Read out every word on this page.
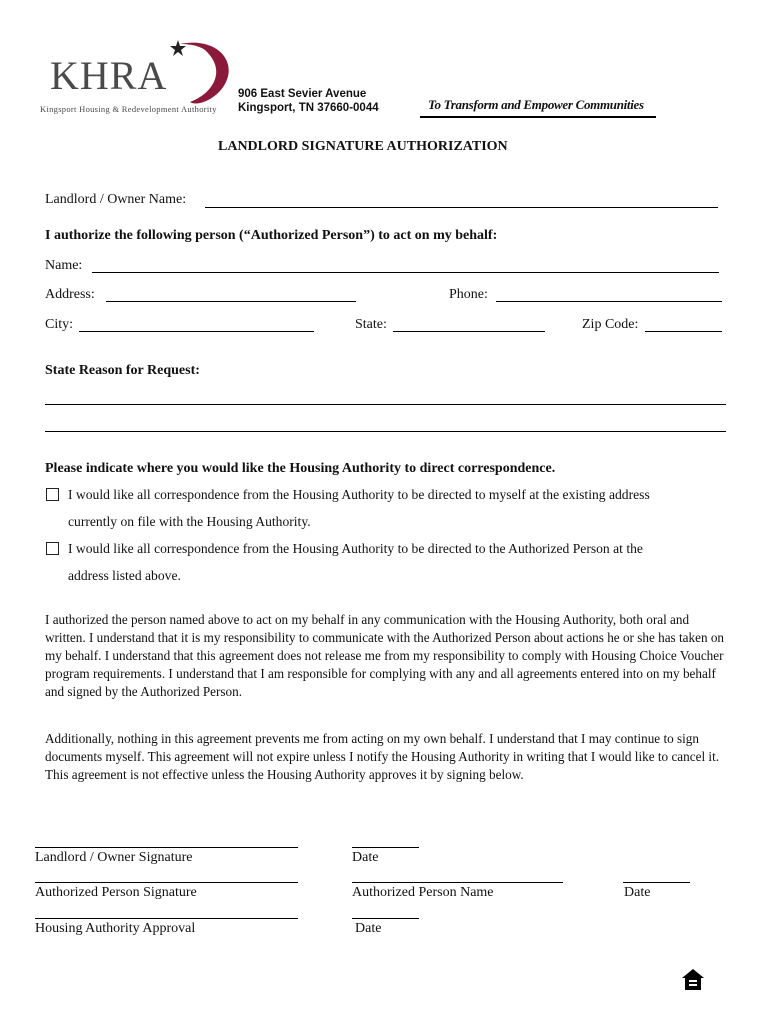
KHRA
Kingsport Housing & Redevelopment Authority
906 East Sevier Avenue
Kingsport, TN 37660-0044	To Transform and Empower Communities
LANDLORD SIGNATURE AUTHORIZATION
Landlord / Owner Name:
I authorize the following person (“Authorized Person”) to act on my behalf:
Name:
Address:	Phone:
City:	State:	Zip Code:
State Reason for Request:
Please indicate where you would like the Housing Authority to direct correspondence.
I would like all correspondence from the Housing Authority to be directed to myself at the existing address
currently on file with the Housing Authority.
I would like all correspondence from the Housing Authority to be directed to the Authorized Person at the
address listed above.
I authorized the person named above to act on my behalf in any communication with the Housing Authority, both oral and written. I understand that it is my responsibility to communicate with the Authorized Person about actions he or she has taken on my behalf. I understand that this agreement does not release me from my responsibility to comply with Housing Choice Voucher program requirements. I understand that I am responsible for complying with any and all agreements entered into on my behalf and signed by the Authorized Person.
Additionally, nothing in this agreement prevents me from acting on my own behalf. I understand that I may continue to sign documents myself. This agreement will not expire unless I notify the Housing Authority in writing that I would like to cancel it. This agreement is not effective unless the Housing Authority approves it by signing below.
Landlord / Owner Signature	Date
Authorized Person Signature	Authorized Person Name	Date
Housing Authority Approval	Date
